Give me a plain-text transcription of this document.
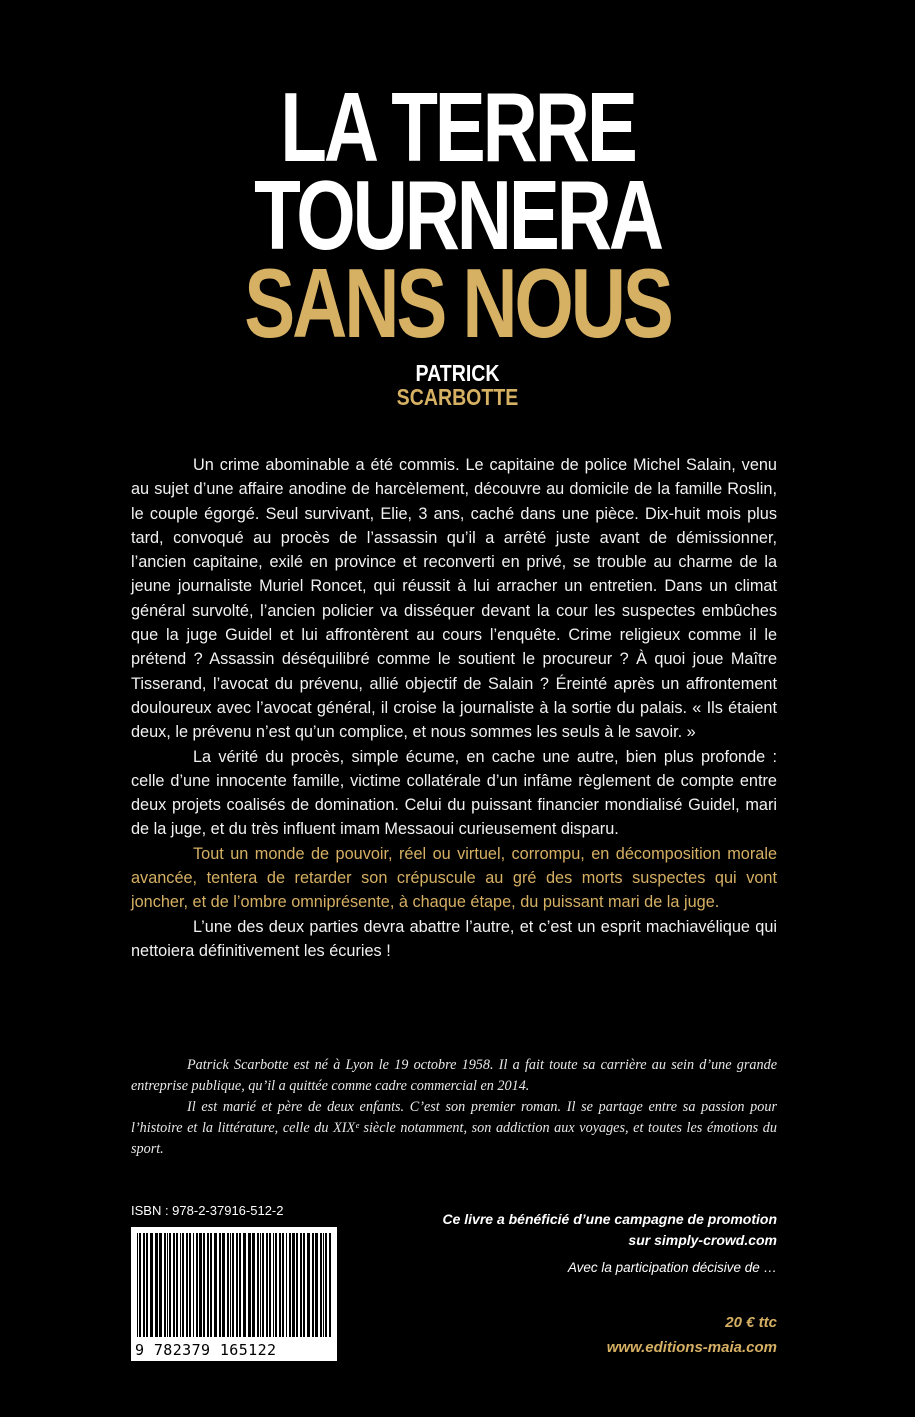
LA TERRE
TOURNERA
SANS NOUS
PATRICK
SCARBOTTE

Un crime abominable a été commis. Le capitaine de police Michel Salain, venu au sujet d’une affaire anodine de harcèlement, découvre au domicile de la famille Roslin, le couple égorgé. Seul survivant, Elie, 3 ans, caché dans une pièce. Dix-huit mois plus tard, convoqué au procès de l’assassin qu’il a arrêté juste avant de démissionner, l’ancien capitaine, exilé en province et reconverti en privé, se trouble au charme de la jeune journaliste Muriel Roncet, qui réussit à lui arracher un entretien. Dans un climat général survolté, l’ancien policier va disséquer devant la cour les suspectes embûches que la juge Guidel et lui affrontèrent au cours l’enquête. Crime religieux comme il le prétend ? Assassin déséquilibré comme le soutient le procureur ? À quoi joue Maître Tisserand, l’avocat du prévenu, allié objectif de Salain ? Éreinté après un affrontement douloureux avec l’avocat général, il croise la journaliste à la sortie du palais. « Ils étaient deux, le prévenu n’est qu’un complice, et nous sommes les seuls à le savoir. »

La vérité du procès, simple écume, en cache une autre, bien plus profonde : celle d’une innocente famille, victime collatérale d’un infâme règlement de compte entre deux projets coalisés de domination. Celui du puissant financier mondialisé Guidel, mari de la juge, et du très influent imam Messaoui curieusement disparu.

Tout un monde de pouvoir, réel ou virtuel, corrompu, en décomposition morale avancée, tentera de retarder son crépuscule au gré des morts suspectes qui vont joncher, et de l’ombre omniprésente, à chaque étape, du puissant mari de la juge.

L’une des deux parties devra abattre l’autre, et c’est un esprit machiavélique qui nettoiera définitivement les écuries !

Patrick Scarbotte est né à Lyon le 19 octobre 1958. Il a fait toute sa carrière au sein d’une grande entreprise publique, qu’il a quittée comme cadre commercial en 2014.

Il est marié et père de deux enfants. C’est son premier roman. Il se partage entre sa passion pour l’histoire et la littérature, celle du XIXᵉ siècle notamment, son addiction aux voyages, et toutes les émotions du sport.

ISBN : 978-2-37916-512-2
9 782379 165122
Ce livre a bénéficié d’une campagne de promotion
sur simply-crowd.com
Avec la participation décisive de …
20 € ttc
www.editions-maia.com
